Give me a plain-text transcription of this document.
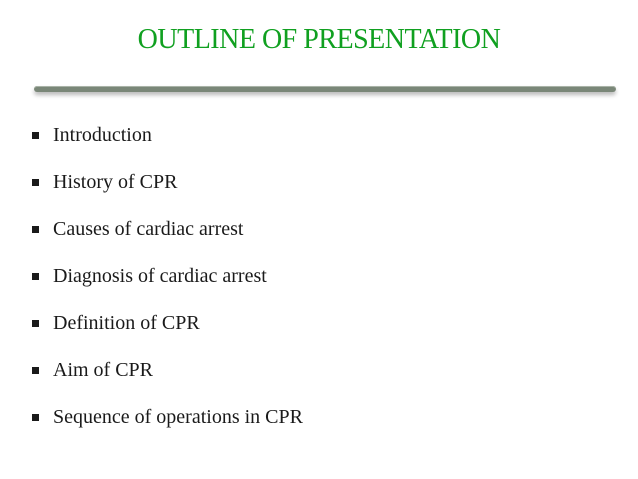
OUTLINE OF PRESENTATION
Introduction
History of CPR
Causes of cardiac arrest
Diagnosis of cardiac arrest
Definition of CPR
Aim of CPR
Sequence of operations in CPR
